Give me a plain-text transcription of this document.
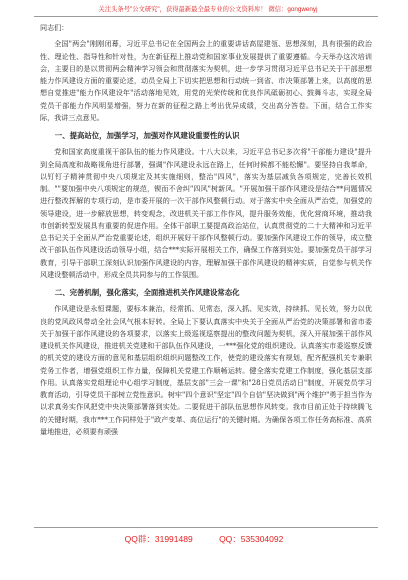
关注头条号"公文研究"，获得最新最全最专业的公文资料库！ 微信：gongwenyj

同志们：

全国"两会"刚刚闭幕，习近平总书记在全国两会上的重要讲话高屋建瓴、思想深刻，具有很强的政治性、理论性、指导性和针对性，为在新征程上推动党和国家事业发展提供了重要遵循。今天举办这次培训会，主要目的是以贯彻两会精神学习领会和贯彻落实为契机，进一步学习贯彻习近平总书记关于干部思想能力作风建设方面的重要论述，动员全局上下切实把思想和行动统一到省、市决策部署上来，以高度的思想自觉推进"能力作风建设年"活动落地见效，用党的光荣传统和优良作风砥砺初心、鼓舞斗志，实现全局党员干部能力作风明显增强，努力在新的征程之路上考出优异成绩，交出高分答卷。下面，结合工作实际，我讲三点意见。

一、提高站位，加强学习，加强对作风建设重要性的认识

党和国家高度重视干部队伍的能力作风建设。十八大以来，习近平总书记多次将"干部能力建设"提升到全局高度和战略视角进行部署，强调"作风建设永远在路上，任何时候都不能松懈"。要坚持自我革命，以钉钉子精神贯彻中央八项规定及其实施细则，整治"四风"，落实为基层减负各项规定，完善长效机制。""要加强中央八项规定的规范，锲而不舍纠"四风"树新风。"开展加强干部作风建设是结合**问题情况进行整改挥解的专项行动，是市委开展的一次干部作风整顿行动。对于落实中央全面从严治党，加强党的领导建设，进一步解放思想，转变观念，改进机关干部工作作风，提升服务效能，优化营商环境，推动我市创新转型发展具有重要的促进作用。全体干部职工要提高政治站位，认真贯彻党的二十大精神和习近平总书记关于全面从严治党重要论述，组织开展好干部作风整顿行动。要加强作风建设工作的领导，成立整改干部队伍作风建设活动领导小组，结合***实际开展相关工作，确保工作落到实处。要加强党员干部学习教育，引导干部职工深刻认识加强作风建设的内容，理解加强干部作风建设的精神实质，自觉参与机关作风建设整顿活动中，形成全员共同参与的工作氛围。

二、完善机制，强化落实，全面推进机关作风建设常态化

作风建设是永恒课题，要标本兼治，经常抓、见常态，深入抓、见实效，持续抓、见长效，努力以优良的党风政风带动全社会风气根本好转。全局上下要认真落实中央关于全面从严治党的决策部署和省市委关于加强干部作风建设的各项要求，以落实上级巡视巡察提出的整改问题为契机，深入开展加强干部作风建设机关作风建设，推进机关党建和干部队伍作风建设，一***强化党的组织建设。认真落实市委巡察反馈的机关党的建设方面的意见和基层组织组织问题整改工作，使党的建设落实有规划，配齐配强机关专兼职党务工作者，增强党组织工作力量，保障机关党建工作顺畅运转。健全落实党建工作制度，强化基层支部作用。认真落实党组理论中心组学习制度，基层支部"三会一课"和"28日党员活动日"制度，开展党员学习教育活动，引导党员干部树立党性意识。树牢"四个意识"坚定"四个自信"坚决做到"两个维护"勇于担当作为以求真务实作风把党中央决策部署落到实处。二要促进干部队伍思想作风转变。我市目前正处于持续腾飞的关键时期，我市***工作同样处于"政产变革、高位运行"的关键时期。为确保各项工作任务高标准、高质量地推进，必须要有顽强

QQ群：31991489	QQ：535304092
